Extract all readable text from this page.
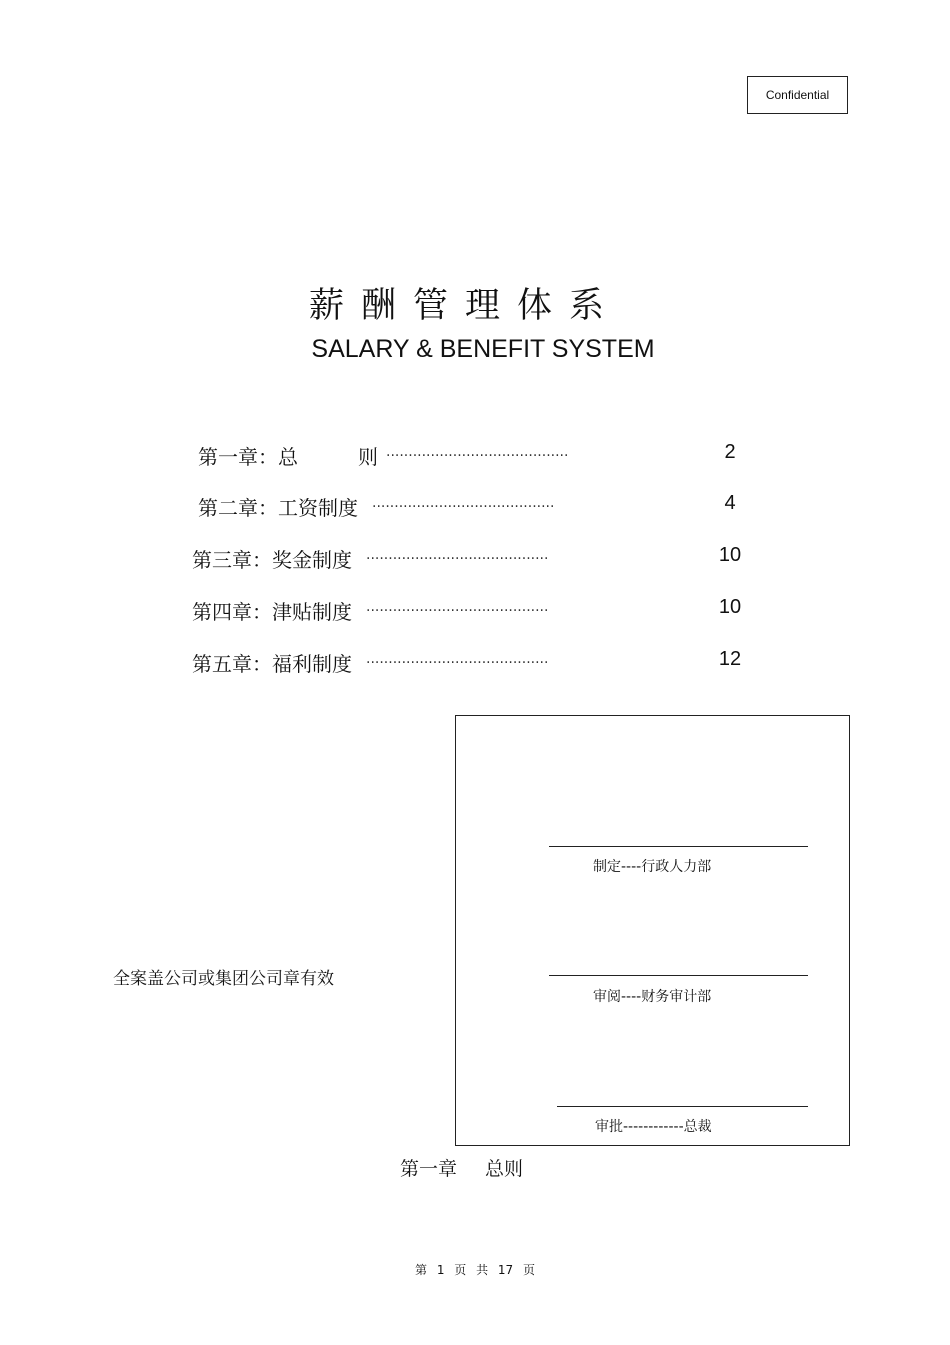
Confidential
薪酬管理体系
SALARY & BENEFIT SYSTEM
第一章：总　　　则 ·········································	2
第二章：工资制度 ·········································	4
第三章：奖金制度 ·········································	10
第四章：津贴制度 ·········································	10
第五章：福利制度 ·········································	12
制定----行政人力部
审阅----财务审计部
审批------------总裁
全案盖公司或集团公司章有效
第一章 总则
第 1 页 共 17 页
